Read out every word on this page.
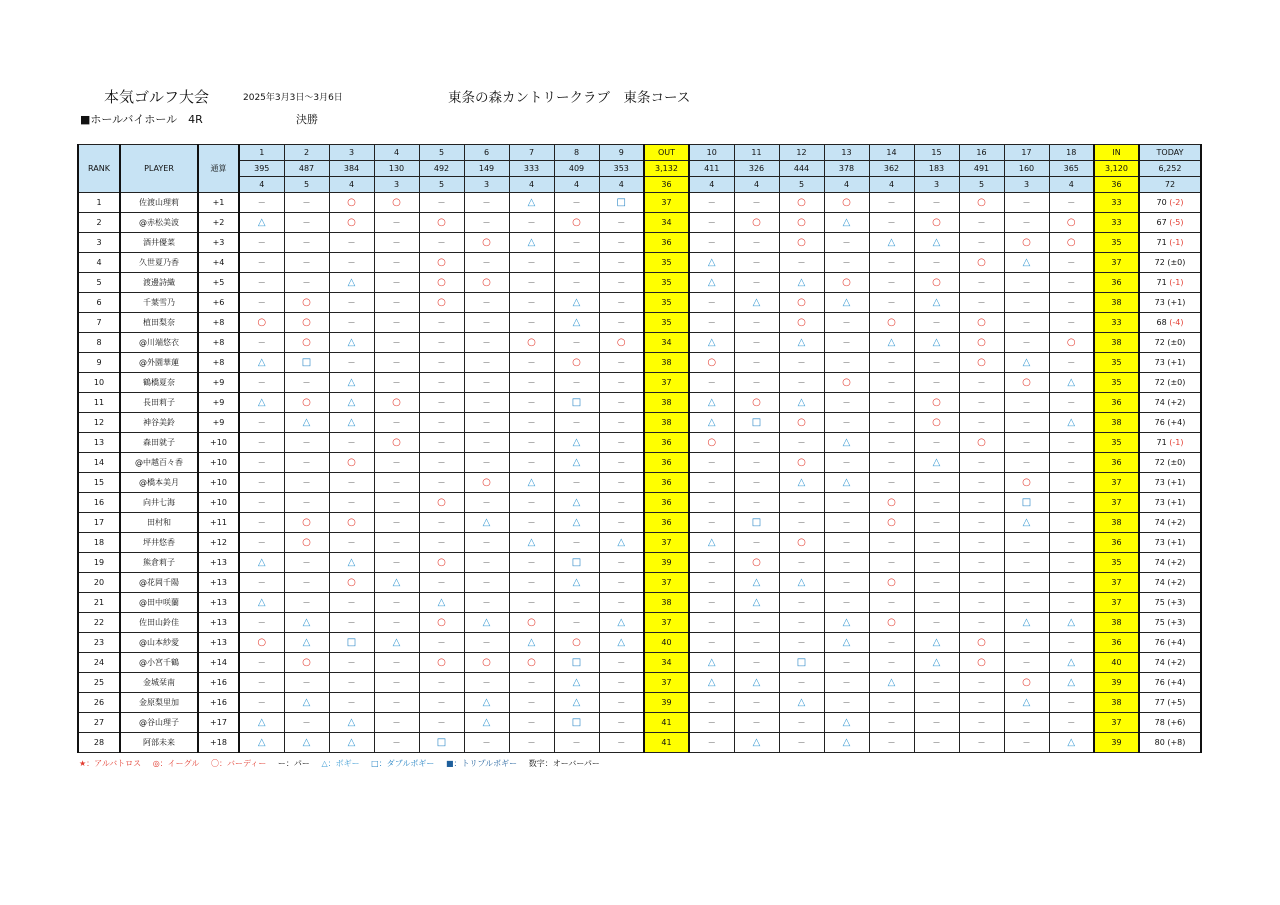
本気ゴルフ大会	2025年3月3日～3月6日	東条の森カントリークラブ　東条コース
■ホールバイホール　4R	決勝
RANK	PLAYER	通算	1	2	3	4	5	6	7	8	9	OUT	10	11	12	13	14	15	16	17	18	IN	TODAY
			395	487	384	130	492	149	333	409	353	3,132	411	326	444	378	362	183	491	160	365	3,120	6,252
			4	5	4	3	5	3	4	4	4	36	4	4	5	4	4	3	5	3	4	36	72
1	佐渡山理莉	+1	－	－	○	○	－	－	△	－	□	37	－	－	○	○	－	－	○	－	－	33	70 (-2)
2	@赤松美波	+2	△	－	○	－	○	－	－	○	－	34	－	○	○	△	－	○	－	－	○	33	67 (-5)
3	酒井優菜	+3	－	－	－	－	－	○	△	－	－	36	－	－	○	－	△	△	－	○	○	35	71 (-1)
4	久世夏乃香	+4	－	－	－	－	○	－	－	－	－	35	△	－	－	－	－	－	○	△	－	37	72 (±0)
5	渡邊詩織	+5	－	－	△	－	○	○	－	－	－	35	△	－	△	○	－	○	－	－	－	36	71 (-1)
6	千葉雪乃	+6	－	○	－	－	○	－	－	△	－	35	－	△	○	△	－	△	－	－	－	38	73 (+1)
7	植田梨奈	+8	○	○	－	－	－	－	－	△	－	35	－	－	○	－	○	－	○	－	－	33	68 (-4)
8	@川端悠衣	+8	－	○	△	－	－	－	○	－	○	34	△	－	△	－	△	△	○	－	○	38	72 (±0)
9	@外園華蓮	+8	△	□	－	－	－	－	－	○	－	38	○	－	－	－	－	－	○	△	－	35	73 (+1)
10	鶴橋夏奈	+9	－	－	△	－	－	－	－	－	－	37	－	－	－	○	－	－	－	○	△	35	72 (±0)
11	長田莉子	+9	△	○	△	○	－	－	－	□	－	38	△	○	△	－	－	○	－	－	－	36	74 (+2)
12	神谷美鈴	+9	－	△	△	－	－	－	－	－	－	38	△	□	○	－	－	○	－	－	△	38	76 (+4)
13	森田就子	+10	－	－	－	○	－	－	－	△	－	36	○	－	－	△	－	－	○	－	－	35	71 (-1)
14	@中越百々香	+10	－	－	○	－	－	－	－	△	－	36	－	－	○	－	－	△	－	－	－	36	72 (±0)
15	@橋本美月	+10	－	－	－	－	－	○	△	－	－	36	－	－	△	△	－	－	－	○	－	37	73 (+1)
16	向井七海	+10	－	－	－	－	○	－	－	△	－	36	－	－	－	－	○	－	－	□	－	37	73 (+1)
17	田村和	+11	－	○	○	－	－	△	－	△	－	36	－	□	－	－	○	－	－	△	－	38	74 (+2)
18	坪井悠香	+12	－	○	－	－	－	－	△	－	△	37	△	－	○	－	－	－	－	－	－	36	73 (+1)
19	熊倉莉子	+13	△	－	△	－	○	－	－	□	－	39	－	○	－	－	－	－	－	－	－	35	74 (+2)
20	@花岡千陽	+13	－	－	○	△	－	－	－	△	－	37	－	△	△	－	○	－	－	－	－	37	74 (+2)
21	@田中咲蘭	+13	△	－	－	－	△	－	－	－	－	38	－	△	－	－	－	－	－	－	－	37	75 (+3)
22	佐田山鈴佳	+13	－	△	－	－	○	△	○	－	△	37	－	－	－	△	○	－	－	△	△	38	75 (+3)
23	@山本紗愛	+13	○	△	□	△	－	－	△	○	△	40	－	－	－	△	－	△	○	－	－	36	76 (+4)
24	@小宮千鶴	+14	－	○	－	－	○	○	○	□	－	34	△	－	□	－	－	△	○	－	△	40	74 (+2)
25	金城栞南	+16	－	－	－	－	－	－	－	△	－	37	△	△	－	－	△	－	－	○	△	39	76 (+4)
26	金原梨里加	+16	－	△	－	－	－	△	－	△	－	39	－	－	△	－	－	－	－	△	－	38	77 (+5)
27	@谷山理子	+17	△	－	△	－	－	△	－	□	－	41	－	－	－	△	－	－	－	－	－	37	78 (+6)
28	阿部未来	+18	△	△	△	－	□	－	－	－	－	41	－	△	－	△	－	－	－	－	△	39	80 (+8)
★：アルバトロス ◎：イーグル 〇：バーディー ー：パー △：ボギー □：ダブルボギー ■：トリプルボギー 数字：オーバーパー
